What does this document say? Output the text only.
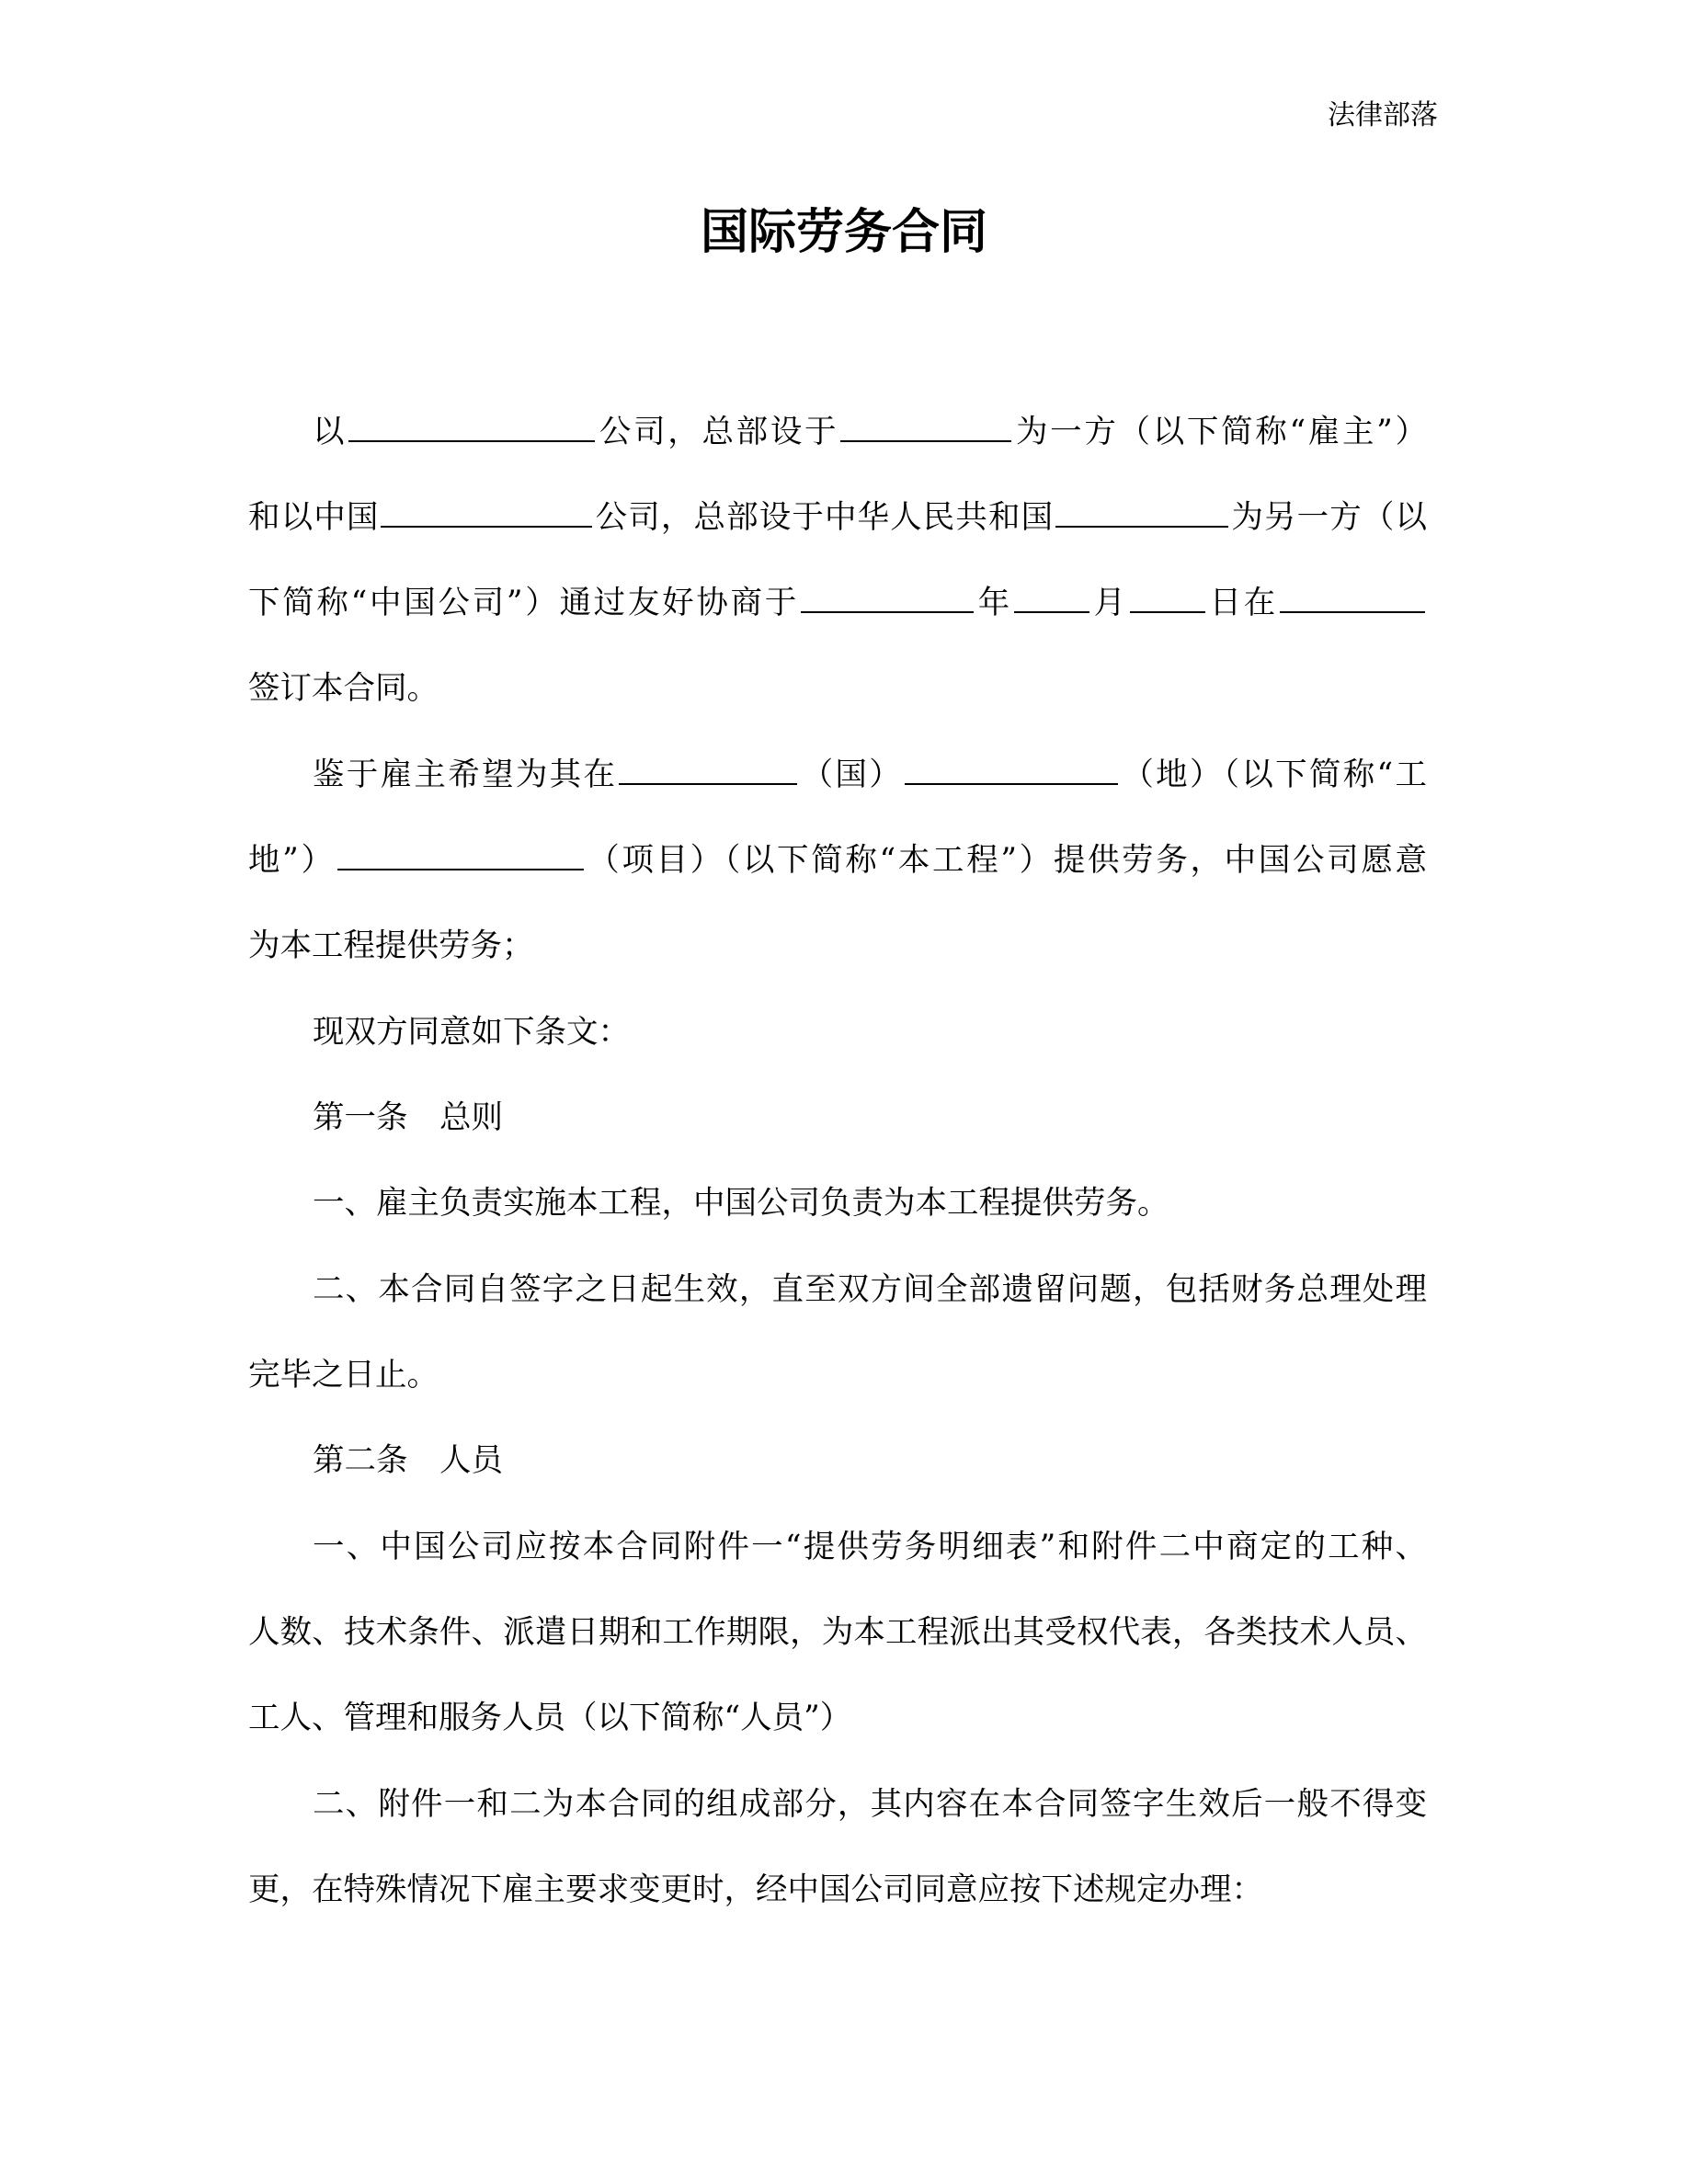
法律部落
国际劳务合同
以	公司，总部设于	为一方（以下简称“雇主”）
和以中国	公司，总部设于中华人民共和国	为另一方（以
下简称“中国公司”）通过友好协商于	年 月 日在
签订本合同。
鉴于雇主希望为其在	（国）	（地）（以下简称“工
地”）	（项目）（以下简称“本工程”）提供劳务，中国公司愿意
为本工程提供劳务；
现双方同意如下条文：
第一条　总则
一、雇主负责实施本工程，中国公司负责为本工程提供劳务。
二、本合同自签字之日起生效，直至双方间全部遗留问题，包括财务总理处理
完毕之日止。
第二条　人员
一、中国公司应按本合同附件一“提供劳务明细表”和附件二中商定的工种、
人数、技术条件、派遣日期和工作期限，为本工程派出其受权代表，各类技术人员、
工人、管理和服务人员（以下简称“人员”）
二、附件一和二为本合同的组成部分，其内容在本合同签字生效后一般不得变
更，在特殊情况下雇主要求变更时，经中国公司同意应按下述规定办理：
